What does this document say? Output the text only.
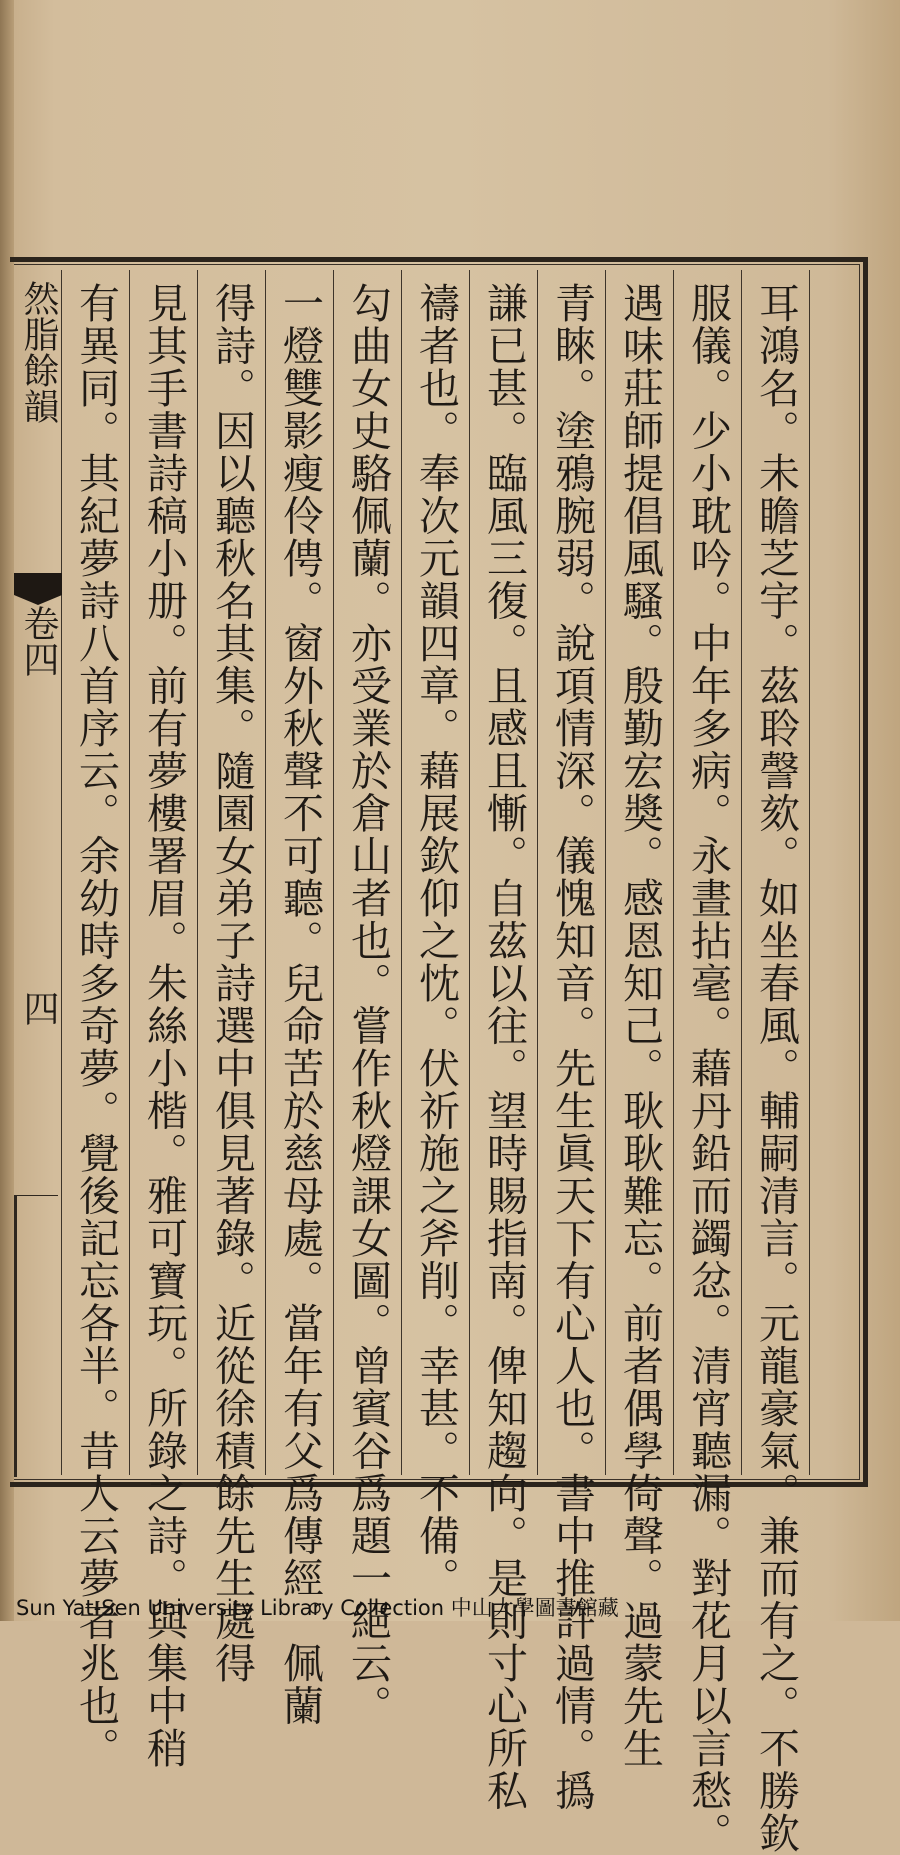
然脂餘韻
卷四
四 有異同。其紀夢詩八首序云。余幼時多奇夢。覺後記忘各半。昔人云夢者兆也。 見其手書詩稿小册。前有夢樓署眉。朱絲小楷。雅可寶玩。所錄之詩。與集中稍 得詩。因以聽秋名其集。隨園女弟子詩選中俱見著錄。近從徐積餘先生處得 一燈雙影瘦伶俜。窗外秋聲不可聽。兒命苦於慈母處。當年有父爲傳經。佩蘭 勾曲女史駱佩蘭。亦受業於倉山者也。嘗作秋燈課女圖。曾賓谷爲題一絕云。 禱者也。奉次元韻四章。藉展欽仰之忱。伏祈施之斧削。幸甚。不備。 謙已甚。臨風三復。且感且慚。自茲以往。望時賜指南。俾知趨向。是則寸心所私 青睞。塗鴉腕弱。說項情深。儀愧知音。先生眞天下有心人也。書中推許過情。撝 遇味莊師提倡風騷。殷勤宏奬。感恩知己。耿耿難忘。前者偶學倚聲。過蒙先生 服儀。少小耽吟。中年多病。永晝拈毫。藉丹鉛而蠲忿。清宵聽漏。對花月以言愁。 耳鴻名。未瞻芝宇。茲聆謦欬。如坐春風。輔嗣清言。元龍豪氣。兼而有之。不勝欽
Sun Yat-Sen University Library Collection 中山大學圖書館藏
